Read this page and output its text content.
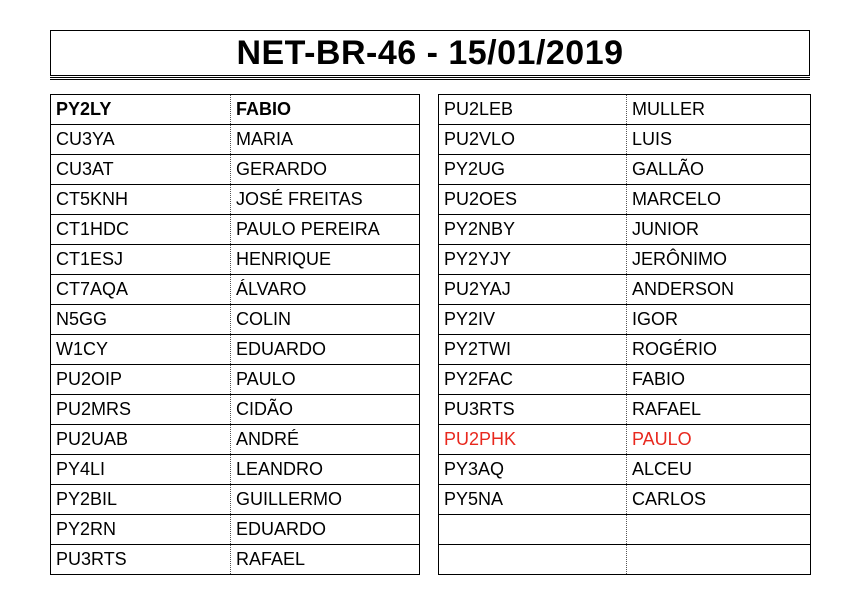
NET-BR-46 - 15/01/2019
PY2LY	FABIO
CU3YA	MARIA
CU3AT	GERARDO
CT5KNH	JOSÉ FREITAS
CT1HDC	PAULO PEREIRA
CT1ESJ	HENRIQUE
CT7AQA	ÁLVARO
N5GG	COLIN
W1CY	EDUARDO
PU2OIP	PAULO
PU2MRS	CIDÃO
PU2UAB	ANDRÉ
PY4LI	LEANDRO
PY2BIL	GUILLERMO
PY2RN	EDUARDO
PU3RTS	RAFAEL
PU2LEB	MULLER
PU2VLO	LUIS
PY2UG	GALLÃO
PU2OES	MARCELO
PY2NBY	JUNIOR
PY2YJY	JERÔNIMO
PU2YAJ	ANDERSON
PY2IV	IGOR
PY2TWI	ROGÉRIO
PY2FAC	FABIO
PU3RTS	RAFAEL
PU2PHK	PAULO
PY3AQ	ALCEU
PY5NA	CARLOS
